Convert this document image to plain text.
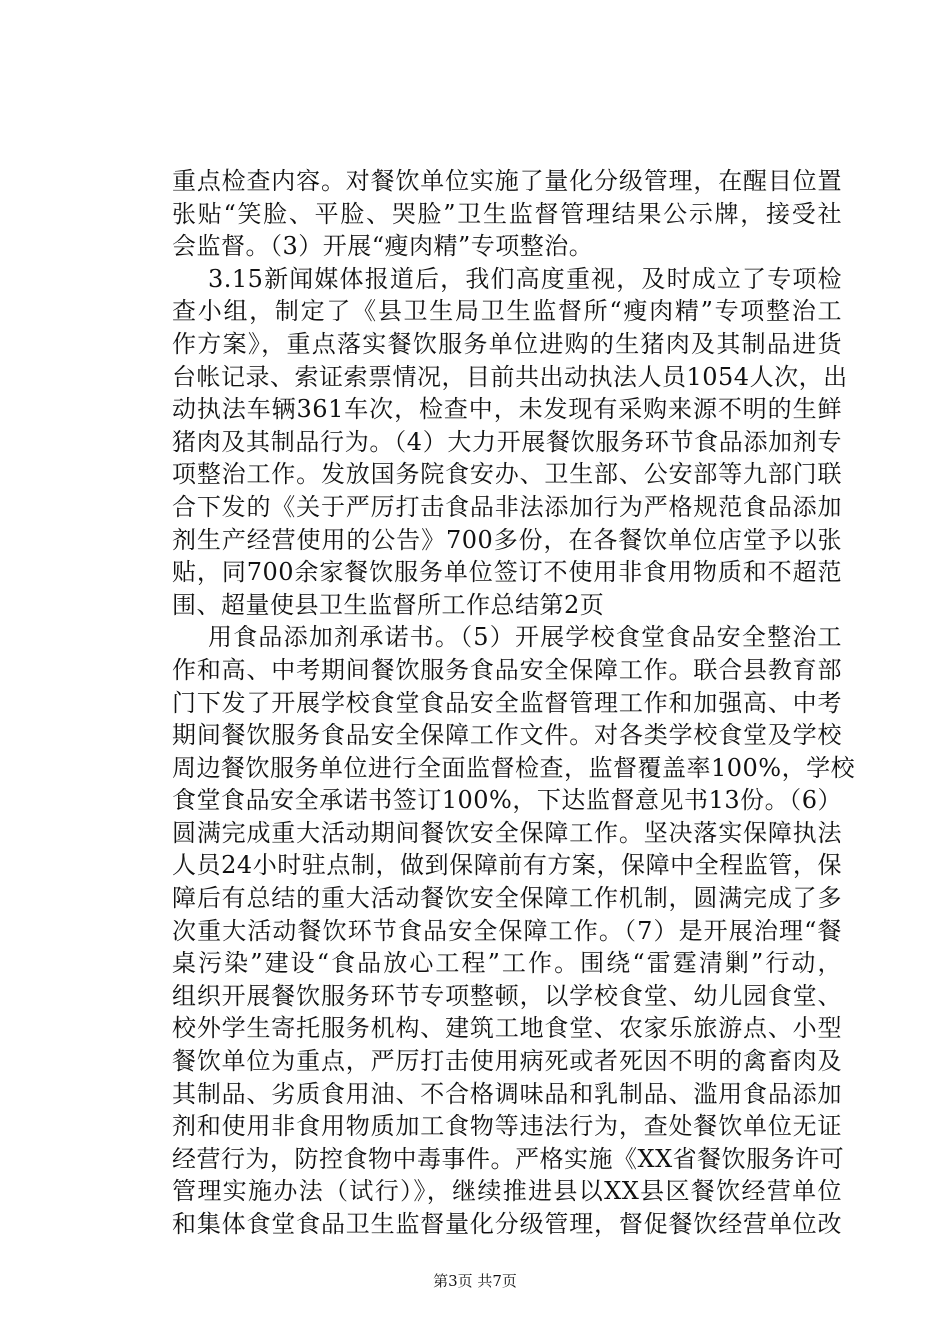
重点检查内容。对餐饮单位实施了量化分级管理，在醒目位置
张贴“笑脸、平脸、哭脸”卫生监督管理结果公示牌，接受社
会监督。（3）开展“瘦肉精”专项整治。
3.15新闻媒体报道后，我们高度重视，及时成立了专项检
查小组，制定了《县卫生局卫生监督所“瘦肉精”专项整治工
作方案》，重点落实餐饮服务单位进购的生猪肉及其制品进货
台帐记录、索证索票情况，目前共出动执法人员1054人次，出
动执法车辆361车次，检查中，未发现有采购来源不明的生鲜
猪肉及其制品行为。（4）大力开展餐饮服务环节食品添加剂专
项整治工作。发放国务院食安办、卫生部、公安部等九部门联
合下发的《关于严厉打击食品非法添加行为严格规范食品添加
剂生产经营使用的公告》700多份，在各餐饮单位店堂予以张
贴，同700余家餐饮服务单位签订不使用非食用物质和不超范
围、超量使县卫生监督所工作总结第2页
用食品添加剂承诺书。（5）开展学校食堂食品安全整治工
作和高、中考期间餐饮服务食品安全保障工作。联合县教育部
门下发了开展学校食堂食品安全监督管理工作和加强高、中考
期间餐饮服务食品安全保障工作文件。对各类学校食堂及学校
周边餐饮服务单位进行全面监督检查，监督覆盖率100%，学校
食堂食品安全承诺书签订100%，下达监督意见书13份。（6）
圆满完成重大活动期间餐饮安全保障工作。坚决落实保障执法
人员24小时驻点制，做到保障前有方案，保障中全程监管，保
障后有总结的重大活动餐饮安全保障工作机制，圆满完成了多
次重大活动餐饮环节食品安全保障工作。（7）是开展治理“餐
桌污染”建设“食品放心工程”工作。围绕“雷霆清剿”行动，
组织开展餐饮服务环节专项整顿，以学校食堂、幼儿园食堂、
校外学生寄托服务机构、建筑工地食堂、农家乐旅游点、小型
餐饮单位为重点，严厉打击使用病死或者死因不明的禽畜肉及
其制品、劣质食用油、不合格调味品和乳制品、滥用食品添加
剂和使用非食用物质加工食物等违法行为，查处餐饮单位无证
经营行为，防控食物中毒事件。严格实施《XX省餐饮服务许可
管理实施办法（试行）》，继续推进县以XX县区餐饮经营单位
和集体食堂食品卫生监督量化分级管理，督促餐饮经营单位改
第3页 共7页
